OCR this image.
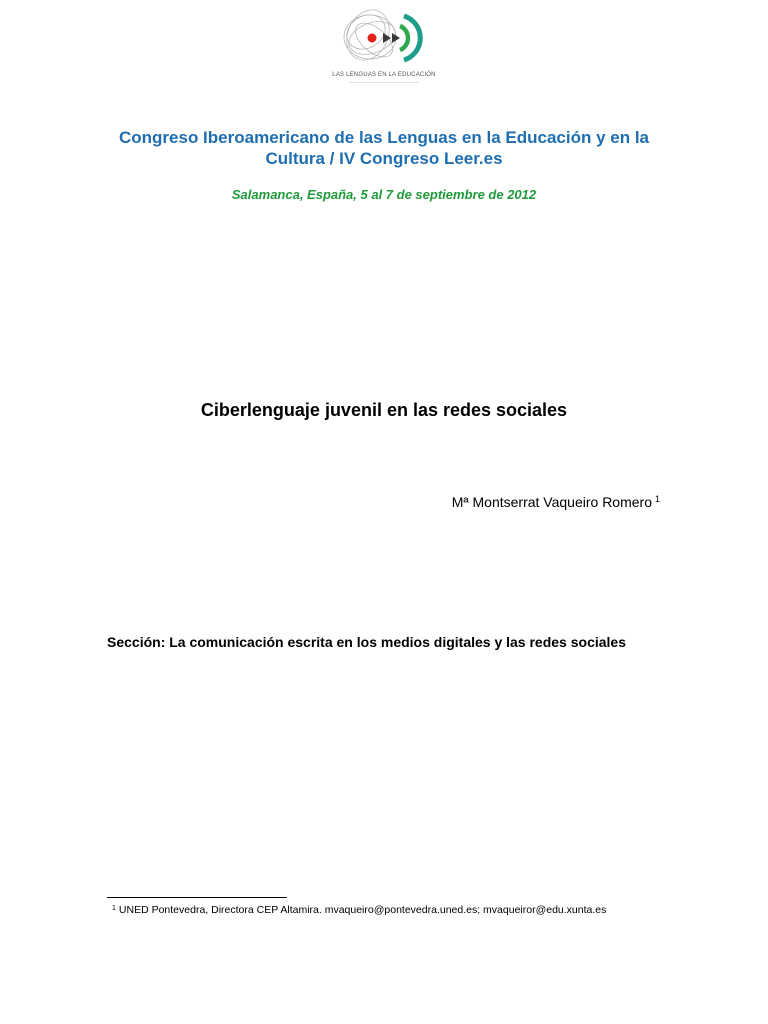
LAS LENGUAS EN LA EDUCACIÓN
――――――――――――――――――――
Congreso Iberoamericano de las Lenguas en la Educación y en la Cultura / IV Congreso Leer.es

Salamanca, España, 5 al 7 de septiembre de 2012

Ciberlenguaje juvenil en las redes sociales
Mª Montserrat Vaqueiro Romero $^1$
Sección: La comunicación escrita en los medios digitales y las redes sociales
$^1$ UNED Pontevedra, Directora CEP Altamira. mvaqueiro@pontevedra.uned.es; mvaqueiror@edu.xunta.es
